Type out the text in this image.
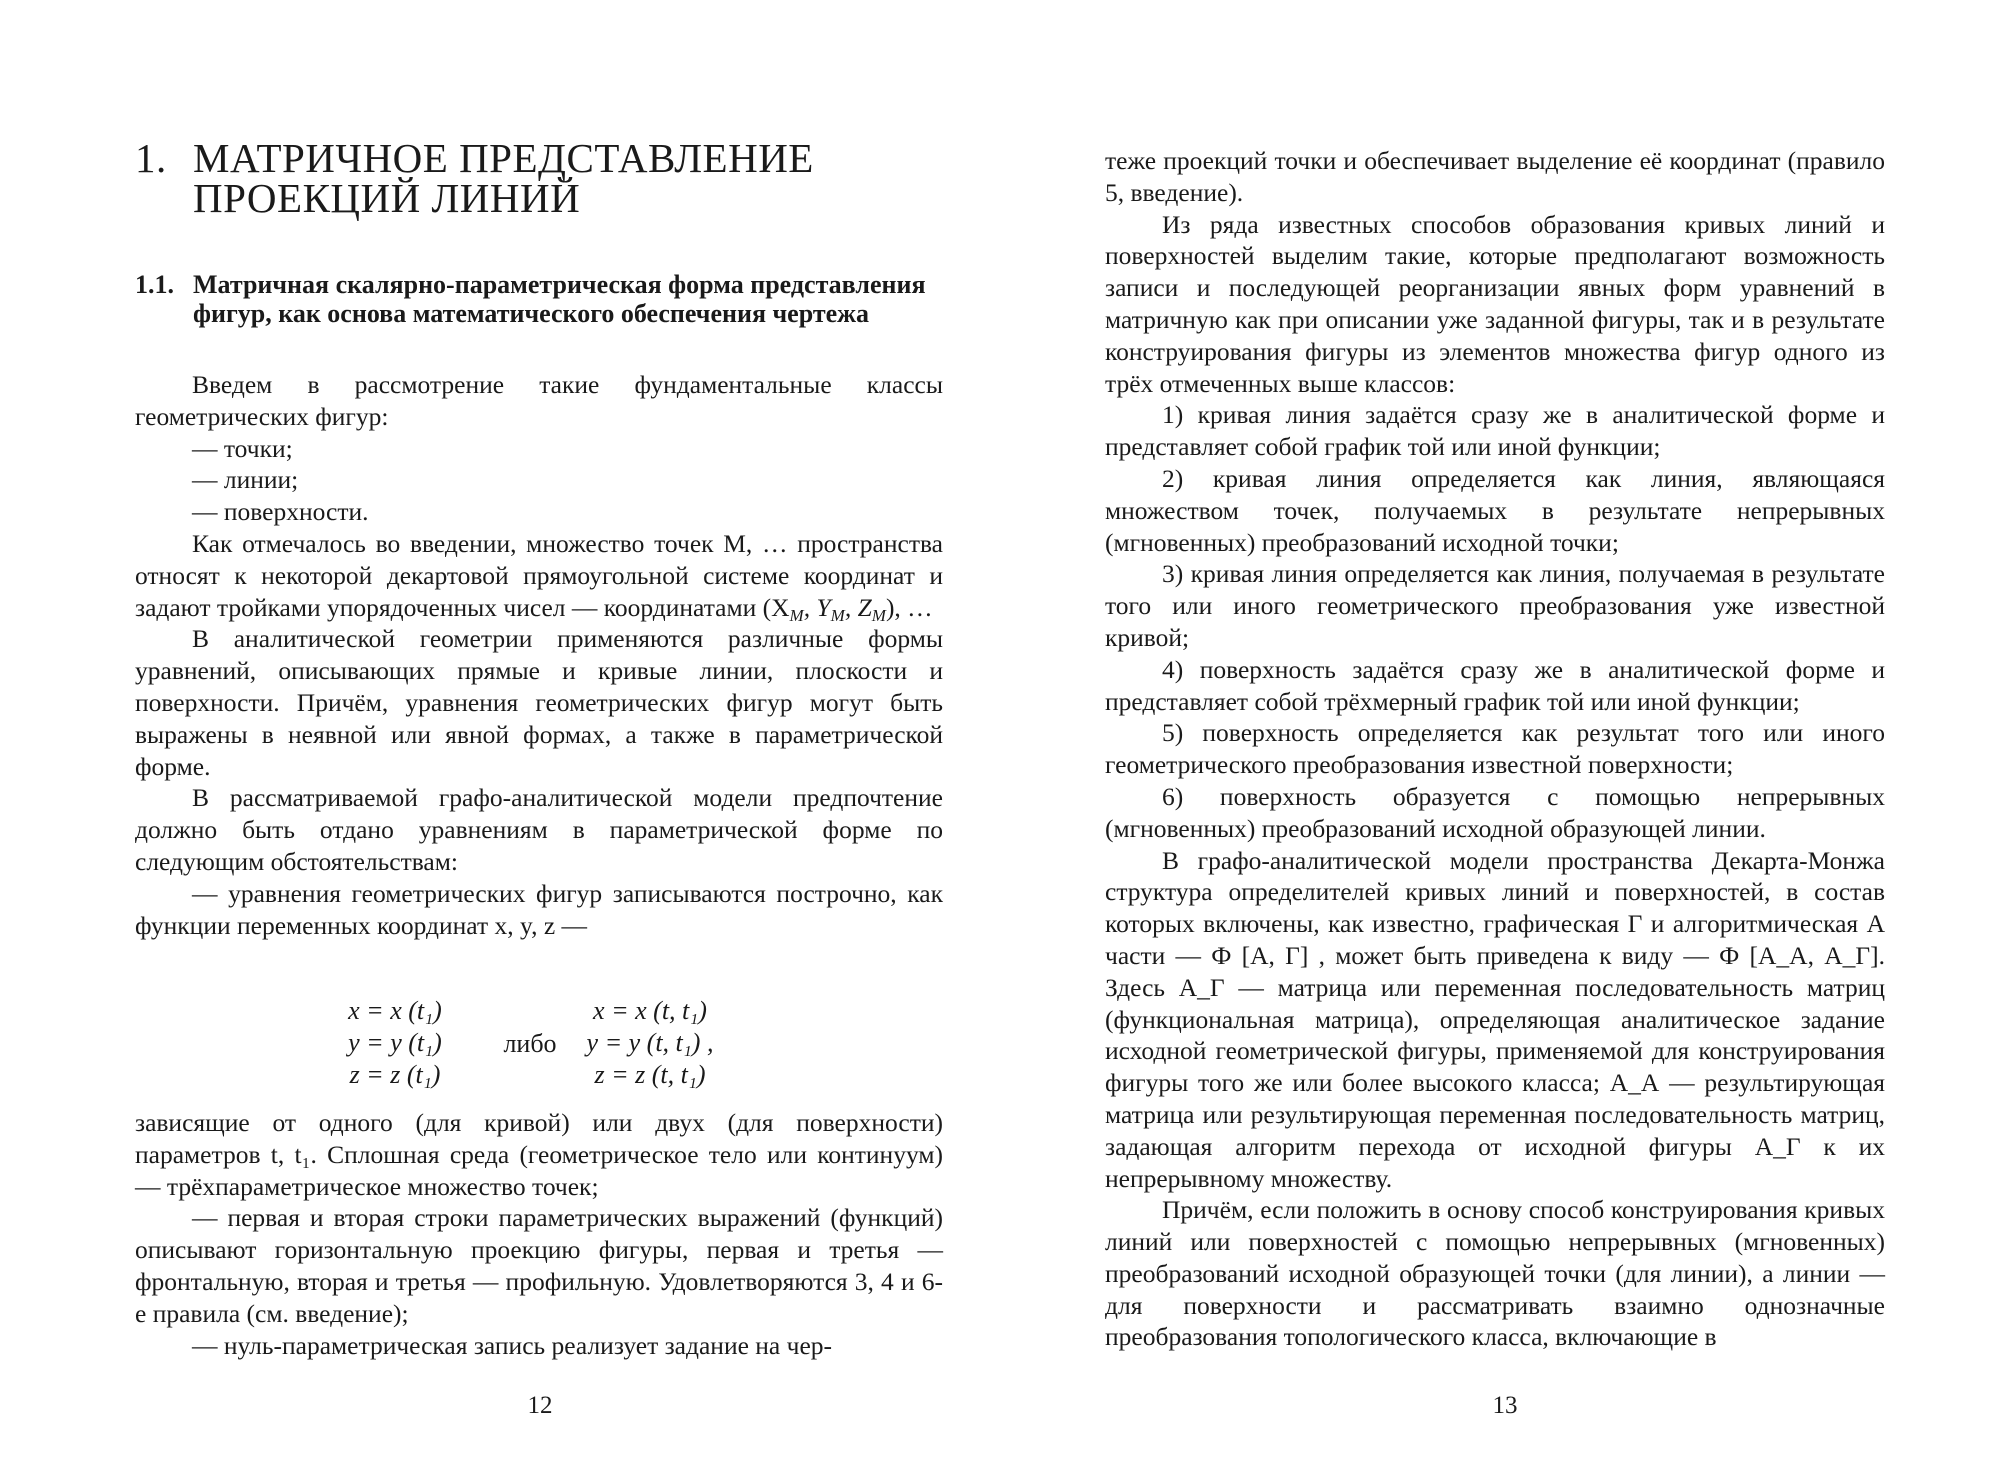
1. МАТРИЧНОЕ ПРЕДСТАВЛЕНИЕ ПРОЕКЦИЙ ЛИНИЙ
1.1. Матричная скалярно-параметрическая форма представления фигур, как основа математического обеспечения чертежа

Введем в рассмотрение такие фундаментальные классы геометрических фигур:

— точки;

— линии;

— поверхности.

Как отмечалось во введении, множество точек М, … пространства относят к некоторой декартовой прямоугольной системе координат и задают тройками упорядоченных чисел — координатами ($X_M$, $Y_M$, $Z_M$), …

В аналитической геометрии применяются различные формы уравнений, описывающих прямые и кривые линии, плоскости и поверхности. Причём, уравнения геометрических фигур могут быть выражены в неявной или явной формах, а также в параметрической форме.

В рассматриваемой графо-аналитической модели предпочтение должно быть отдано уравнениям в параметрической форме по следующим обстоятельствам:

— уравнения геометрических фигур записываются построчно, как функции переменных координат x, y, z —

x = x (t₁)
y = y (t₁)
z = z (t₁)
либо
x = x (t, t₁)
y = y (t, t₁) ,
z = z (t, t₁)

зависящие от одного (для кривой) или двух (для поверхности) параметров t, t₁. Сплошная среда (геометрическое тело или континуум) — трёхпараметрическое множество точек;

— первая и вторая строки параметрических выражений (функций) описывают горизонтальную проекцию фигуры, первая и третья — фронтальную, вторая и третья — профильную. Удовлетворяются 3, 4 и 6-е правила (см. введение);

— нуль-параметрическая запись реализует задание на чер-

12

теже проекций точки и обеспечивает выделение её координат (правило 5, введение).

Из ряда известных способов образования кривых линий и поверхностей выделим такие, которые предполагают возможность записи и последующей реорганизации явных форм уравнений в матричную как при описании уже заданной фигуры, так и в результате конструирования фигуры из элементов множества фигур одного из трёх отмеченных выше классов:

1) кривая линия задаётся сразу же в аналитической форме и представляет собой график той или иной функции;

2) кривая линия определяется как линия, являющаяся множеством точек, получаемых в результате непрерывных (мгновенных) преобразований исходной точки;

3) кривая линия определяется как линия, получаемая в результате того или иного геометрического преобразования уже известной кривой;

4) поверхность задаётся сразу же в аналитической форме и представляет собой трёхмерный график той или иной функции;

5) поверхность определяется как результат того или иного геометрического преобразования известной поверхности;

6) поверхность образуется с помощью непрерывных (мгновенных) преобразований исходной образующей линии.

В графо-аналитической модели пространства Декарта-Монжа структура определителей кривых линий и поверхностей, в состав которых включены, как известно, графическая Г и алгоритмическая А части — Ф [А, Г] , может быть приведена к виду — Ф [А_А, А_Г]. Здесь А_Г — матрица или переменная последовательность матриц (функциональная матрица), определяющая аналитическое задание исходной геометрической фигуры, применяемой для конструирования фигуры того же или более высокого класса; А_А — результирующая матрица или результирующая переменная последовательность матриц, задающая алгоритм перехода от исходной фигуры А_Г к их непрерывному множеству.

Причём, если положить в основу способ конструирования кривых линий или поверхностей с помощью непрерывных (мгновенных) преобразований исходной образующей точки (для линии), а линии — для поверхности и рассматривать взаимно однозначные преобразования топологического класса, включающие в

13
